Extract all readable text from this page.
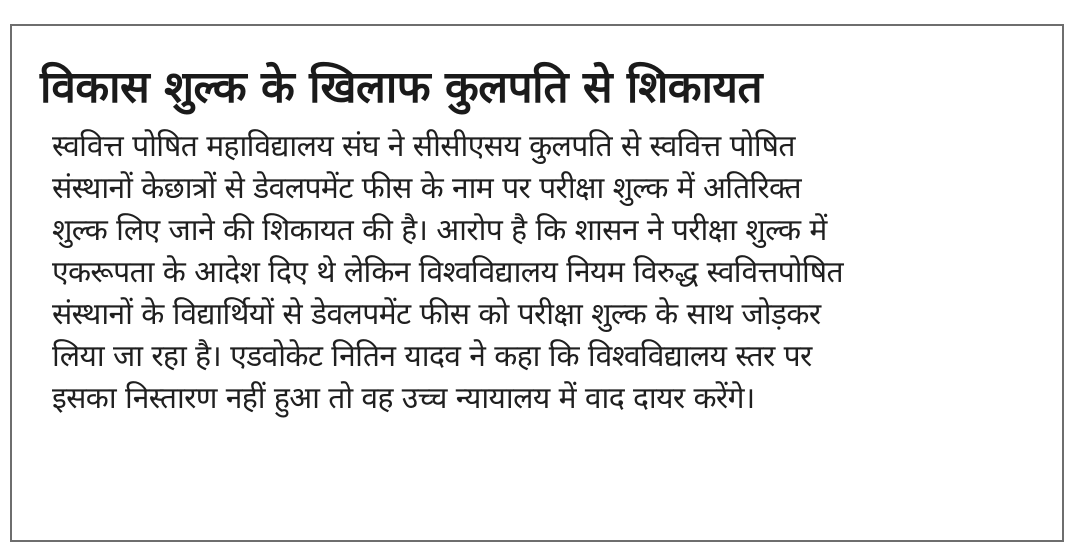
विकास शुल्क के खिलाफ कुलपति से शिकायत
स्ववित्त पोषित महाविद्यालय संघ ने सीसीएसय कुलपति से स्ववित्त पोषित
संस्थानों केछात्रों से डेवलपमेंट फीस के नाम पर परीक्षा शुल्क में अतिरिक्त
शुल्क लिए जाने की शिकायत की है। आरोप है कि शासन ने परीक्षा शुल्क में
एकरूपता के आदेश दिए थे लेकिन विश्वविद्यालय नियम विरुद्ध स्ववित्तपोषित
संस्थानों के विद्यार्थियों से डेवलपमेंट फीस को परीक्षा शुल्क के साथ जोड़कर
लिया जा रहा है। एडवोकेट नितिन यादव ने कहा कि विश्वविद्यालय स्तर पर
इसका निस्तारण नहीं हुआ तो वह उच्च न्यायालय में वाद दायर करेंगे।
